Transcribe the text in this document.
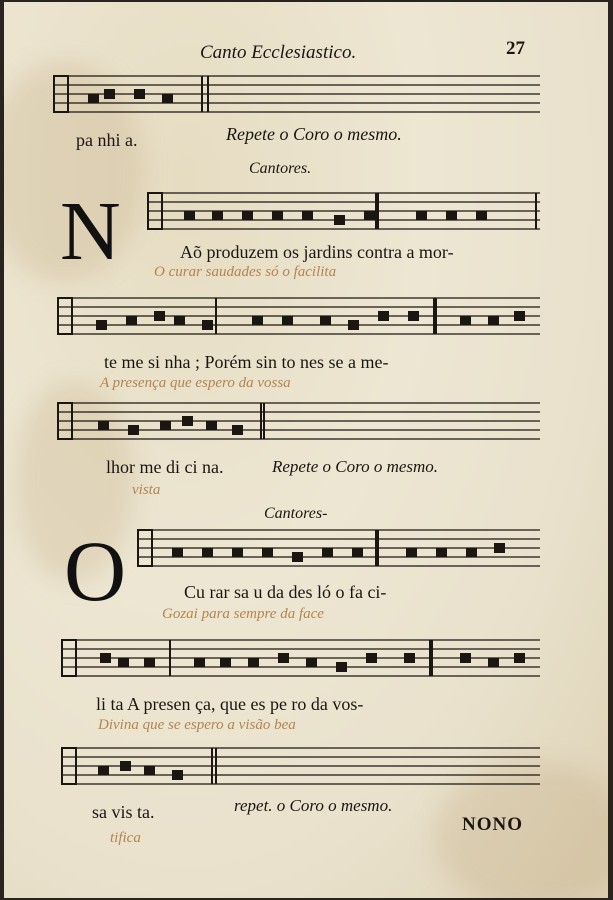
Canto Ecclesiastico.	27
pa nhi a.	Repete o Coro o mesmo.
Cantores.
N	Aõ produzem os jardins contra a mor-
O curar saudades só o facilita
te me si nha ; Porém sin to nes se a me-
A presença que espero da vossa
lhor me di ci na.	Repete o Coro o mesmo.
vista
Cantores-
O	Cu rar sa u da des ló o fa ci-
Gozai para sempre da face
li ta A presen ça, que es pe ro da vos-
Divina que se espero a visão bea
sa vis ta.	repet. o Coro o mesmo.
tifica
NONO
